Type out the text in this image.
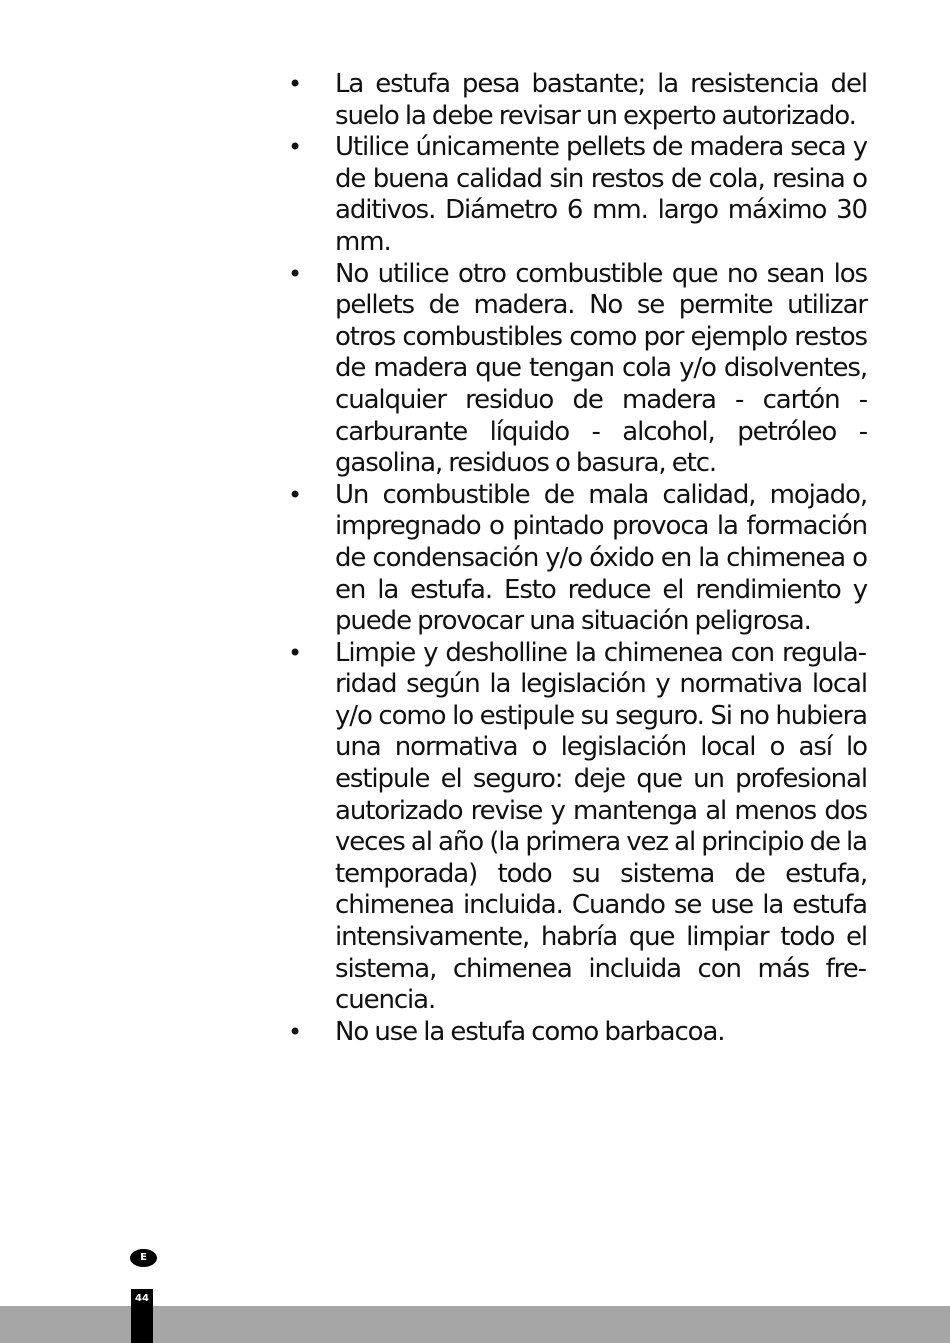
• La estufa pesa bastante; la resistencia del suelo la debe revisar un experto autorizado.
• Utilice únicamente pellets de madera seca y de buena calidad sin restos de cola, resina o aditivos. Diámetro 6 mm. largo máximo 30 mm.
• No utilice otro combustible que no sean los pellets de madera. No se permite utilizar otros combustibles como por ejemplo restos de madera que tengan cola y/o disolventes, cualquier residuo de madera - cartón - carburante líquido - alcohol, petróleo - gasolina, residuos o basura, etc.
• Un combustible de mala calidad, mojado, impregnado o pintado provoca la formación de condensación y/o óxido en la chimenea o en la estufa. Esto reduce el rendimiento y puede provocar una situación peligrosa.
• Limpie y desholline la chimenea con regularidad según la legislación y normativa local y/o como lo estipule su seguro. Si no hubiera una normativa o legislación local o así lo estipule el seguro: deje que un profesional autorizado revise y mantenga al menos dos veces al año (la primera vez al principio de la temporada) todo su sistema de estufa, chimenea incluida. Cuando se use la estufa intensivamente, habría que limpiar todo el sistema, chimenea incluida con más frecuencia.
• No use la estufa como barbacoa.
E
44
